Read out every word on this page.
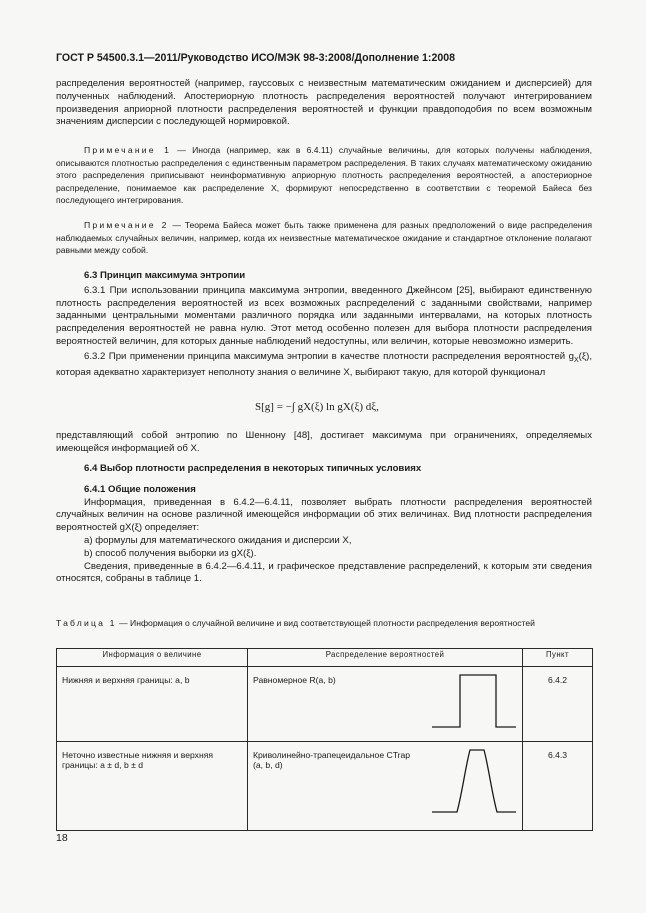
ГОСТ Р 54500.3.1—2011/Руководство ИСО/МЭК 98-3:2008/Дополнение 1:2008

распределения вероятностей (например, гауссовых с неизвестным математическим ожиданием и дисперсией) для полученных наблюдений. Апостериорную плотность распределения вероятностей получают интегрированием произведения априорной плотности распределения вероятностей и функции правдоподобия по всем возможным значениям дисперсии с последующей нормировкой.

Примечание 1 — Иногда (например, как в 6.4.11) случайные величины, для которых получены наблюдения, описываются плотностью распределения с единственным параметром распределения. В таких случаях математическому ожиданию этого распределения приписывают неинформативную априорную плотность распределения вероятностей, а апостериорное распределение, понимаемое как распределение X, формируют непосредственно в соответствии с теоремой Байеса без последующего интегрирования.

Примечание 2 — Теорема Байеса может быть также применена для разных предположений о виде распределения наблюдаемых случайных величин, например, когда их неизвестные математическое ожидание и стандартное отклонение полагают равными между собой.

6.3 Принцип максимума энтропии

6.3.1 При использовании принципа максимума энтропии, введенного Джейнсом [25], выбирают единственную плотность распределения вероятностей из всех возможных распределений с заданными свойствами, например заданными центральными моментами различного порядка или заданными интервалами, на которых плотность распределения вероятностей не равна нулю. Этот метод особенно полезен для выбора плотности распределения вероятностей величин, для которых данные наблюдений недоступны, или величин, которые невозможно измерить.

6.3.2 При применении принципа максимума энтропии в качестве плотности распределения вероятностей $g_X(\xi)$, которая адекватно характеризует неполноту знания о величине X, выбирают такую, для которой функционал

S[g] = −∫ gX(ξ) ln gX(ξ) dξ,

представляющий собой энтропию по Шеннону [48], достигает максимума при ограничениях, определяемых имеющейся информацией об X.

6.4 Выбор плотности распределения в некоторых типичных условиях

6.4.1 Общие положения

Информация, приведенная в 6.4.2—6.4.11, позволяет выбрать плотности распределения вероятностей случайных величин на основе различной имеющейся информации об этих величинах. Вид плотности распределения вероятностей gX(ξ) определяет:

а) формулы для математического ожидания и дисперсии X,

b) способ получения выборки из gX(ξ).

Сведения, приведенные в 6.4.2—6.4.11, и графическое представление распределений, к которым эти сведения относятся, собраны в таблице 1.

Таблица 1 — Информация о случайной величине и вид соответствующей плотности распределения вероятностей
Информация о величине	Распределение вероятностей		Пункт
Нижняя и верхняя границы: a, b	Равномерное R(a, b)		6.4.2
Неточно известные нижняя и верхняя границы: a ± d, b ± d	Криволинейно-трапецеидальное CTrap (a, b, d)		6.4.3
18
